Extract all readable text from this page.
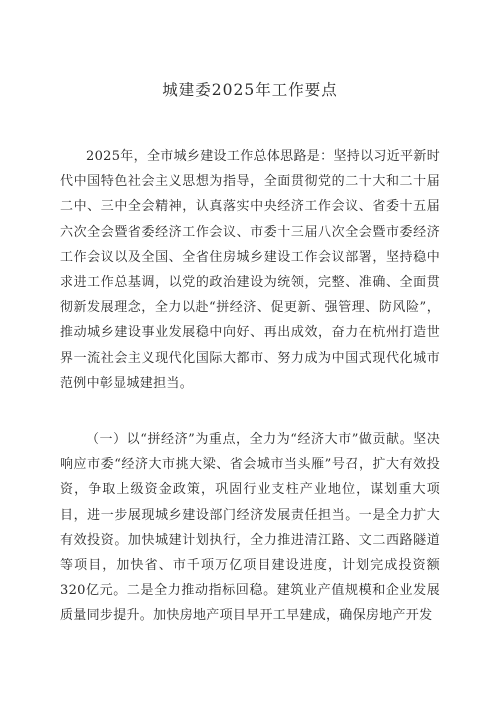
城建委2025年工作要点

2025年，全市城乡建设工作总体思路是：坚持以习近平新时代中国特色社会主义思想为指导，全面贯彻党的二十大和二十届二中、三中全会精神，认真落实中央经济工作会议、省委十五届六次全会暨省委经济工作会议、市委十三届八次全会暨市委经济工作会议以及全国、全省住房城乡建设工作会议部署，坚持稳中求进工作总基调，以党的政治建设为统领，完整、准确、全面贯彻新发展理念，全力以赴“拼经济、促更新、强管理、防风险”，推动城乡建设事业发展稳中向好、再出成效，奋力在杭州打造世界一流社会主义现代化国际大都市、努力成为中国式现代化城市范例中彰显城建担当。

（一）以“拼经济”为重点，全力为“经济大市”做贡献。坚决响应市委“经济大市挑大梁、省会城市当头雁”号召，扩大有效投资，争取上级资金政策，巩固行业支柱产业地位，谋划重大项目，进一步展现城乡建设部门经济发展责任担当。一是全力扩大有效投资。加快城建计划执行，全力推进清江路、文二西路隧道等项目，加快省、市千项万亿项目建设进度，计划完成投资额320亿元。二是全力推动指标回稳。建筑业产值规模和企业发展质量同步提升。加快房地产项目早开工早建成，确保房地产开发
